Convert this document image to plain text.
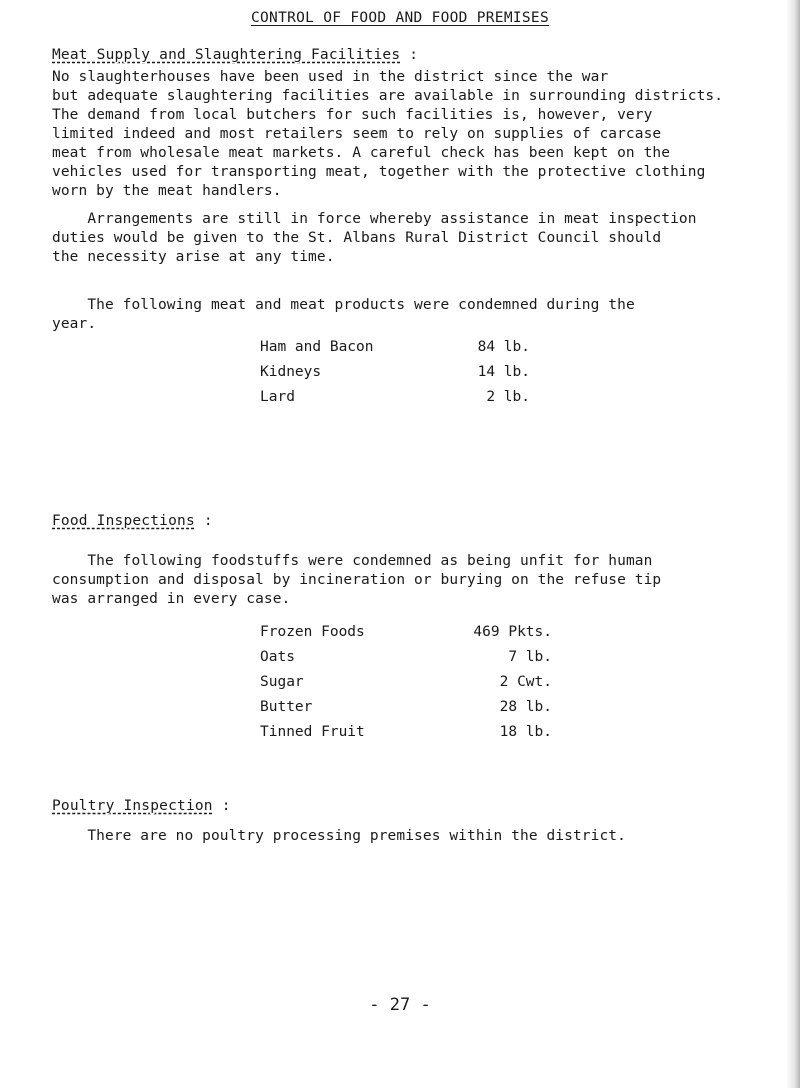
CONTROL OF FOOD AND FOOD PREMISES
Meat Supply and Slaughtering Facilities :

No slaughterhouses have been used in the district since the war
but adequate slaughtering facilities are available in surrounding districts.
The demand from local butchers for such facilities is, however, very
limited indeed and most retailers seem to rely on supplies of carcase
meat from wholesale meat markets. A careful check has been kept on the
vehicles used for transporting meat, together with the protective clothing
worn by the meat handlers.

Arrangements are still in force whereby assistance in meat inspection
duties would be given to the St. Albans Rural District Council should
the necessity arise at any time.

The following meat and meat products were condemned during the
year.

Ham and Bacon	84 lb.
Kidneys	14 lb.
Lard	2 lb.
Food Inspections :

The following foodstuffs were condemned as being unfit for human
consumption and disposal by incineration or burying on the refuse tip
was arranged in every case.

Frozen Foods	469 Pkts.
Oats	7 lb.
Sugar	2 Cwt.
Butter	28 lb.
Tinned Fruit	18 lb.
Poultry Inspection :

There are no poultry processing premises within the district.

- 27 -
